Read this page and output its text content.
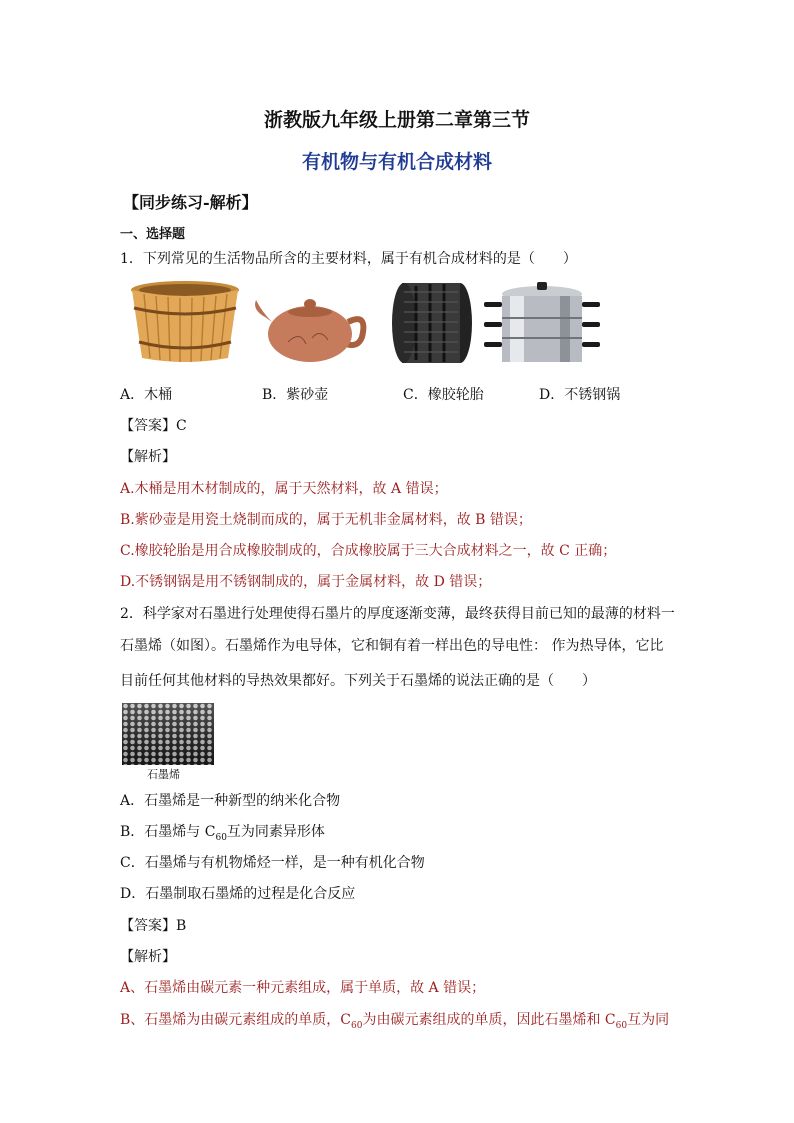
浙教版九年级上册第二章第三节
有机物与有机合成材料
【同步练习-解析】
一、选择题
1．下列常见的生活物品所含的主要材料，属于有机合成材料的是（　　）
A．木桶	B．紫砂壶	C．橡胶轮胎	D．不锈钢锅
【答案】C
【解析】
A.木桶是用木材制成的，属于天然材料，故 A 错误；
B.紫砂壶是用瓷土烧制而成的，属于无机非金属材料，故 B 错误；
C.橡胶轮胎是用合成橡胶制成的，合成橡胶属于三大合成材料之一，故 C 正确；
D.不锈钢锅是用不锈钢制成的，属于金属材料，故 D 错误；
2．科学家对石墨进行处理使得石墨片的厚度逐渐变薄，最终获得目前已知的最薄的材料一
石墨烯（如图）。石墨烯作为电导体，它和铜有着一样出色的导电性： 作为热导体，它比
目前任何其他材料的导热效果都好。下列关于石墨烯的说法正确的是（　　）
石墨烯
A．石墨烯是一种新型的纳米化合物
B．石墨烯与 $C_{60}$互为同素异形体
C．石墨烯与有机物烯烃一样，是一种有机化合物
D．石墨制取石墨烯的过程是化合反应
【答案】B
【解析】
A、石墨烯由碳元素一种元素组成，属于单质，故 A 错误；
B、石墨烯为由碳元素组成的单质，$C_{60}$为由碳元素组成的单质，因此石墨烯和 $C_{60}$互为同
